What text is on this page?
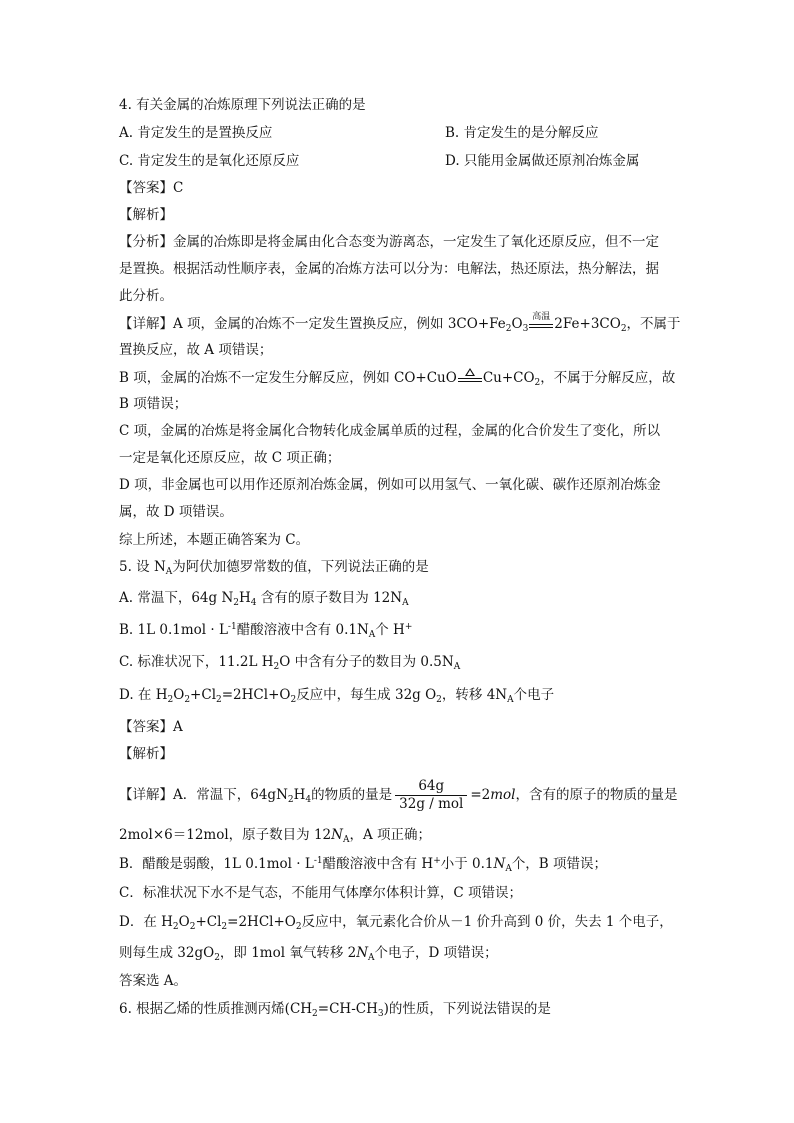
4. 有关金属的冶炼原理下列说法正确的是
A. 肯定发生的是置换反应	B. 肯定发生的是分解反应
C. 肯定发生的是氧化还原反应	D. 只能用金属做还原剂冶炼金属
【答案】C
【解析】
【分析】金属的冶炼即是将金属由化合态变为游离态，一定发生了氧化还原反应，但不一定
是置换。根据活动性顺序表，金属的冶炼方法可以分为：电解法，热还原法，热分解法，据
此分析。
【详解】A 项，金属的冶炼不一定发生置换反应，例如 $3CO+Fe_2O_3$
高温 $2Fe+3CO_2$，不属于
置换反应，故 A 项错误；
B 项，金属的冶炼不一定发生分解反应，例如 CO+CuO $Cu+CO_2$，不属于分解反应，故
B 项错误；
C 项，金属的冶炼是将金属化合物转化成金属单质的过程，金属的化合价发生了变化，所以
一定是氧化还原反应，故 C 项正确；
D 项，非金属也可以用作还原剂冶炼金属，例如可以用氢气、一氧化碳、碳作还原剂冶炼金
属，故 D 项错误。
综上所述，本题正确答案为 C。
5. 设 $N_A$为阿伏加德罗常数的值，下列说法正确的是
A. 常温下，64g $N_2H_4$ 含有的原子数目为 $12N_A$
B. 1L $0.1mol \cdot L^{-1}$醋酸溶液中含有 $0.1N_A$个 H+
C. 标准状况下，11.2L $H_2O$ 中含有分子的数目为 $0.5N_A$
D. 在 $H_2O_2+Cl_2=2HCl+O_2$反应中，每生成 32g $O_2$，转移 $4N_A$个电子
【答案】A
【解析】
【详解】A．常温下，$64gN_2H_4$的物质的量是 $\frac{64g}{\text{32g / mol}} =2mol$，含有的原子的物质的量是
2mol×6＝12mol，原子数目为 $12N_A$，A 项正确；
B．醋酸是弱酸，1L $0.1mol \cdot L^{-1}$醋酸溶液中含有 H+小于 $0.1N_A$个，B 项错误；
C．标准状况下水不是气态，不能用气体摩尔体积计算，C 项错误；
D．在 $H_2O_2+Cl_2=2HCl+O_2$反应中，氧元素化合价从－1 价升高到 0 价，失去 1 个电子，
则每生成 $32gO_2$，即 1mol 氧气转移 $2N_A$个电子，D 项错误；
答案选 A。
6. 根据乙烯的性质推测丙烯$(CH_2=CH-CH_3)$的性质，下列说法错误的是
